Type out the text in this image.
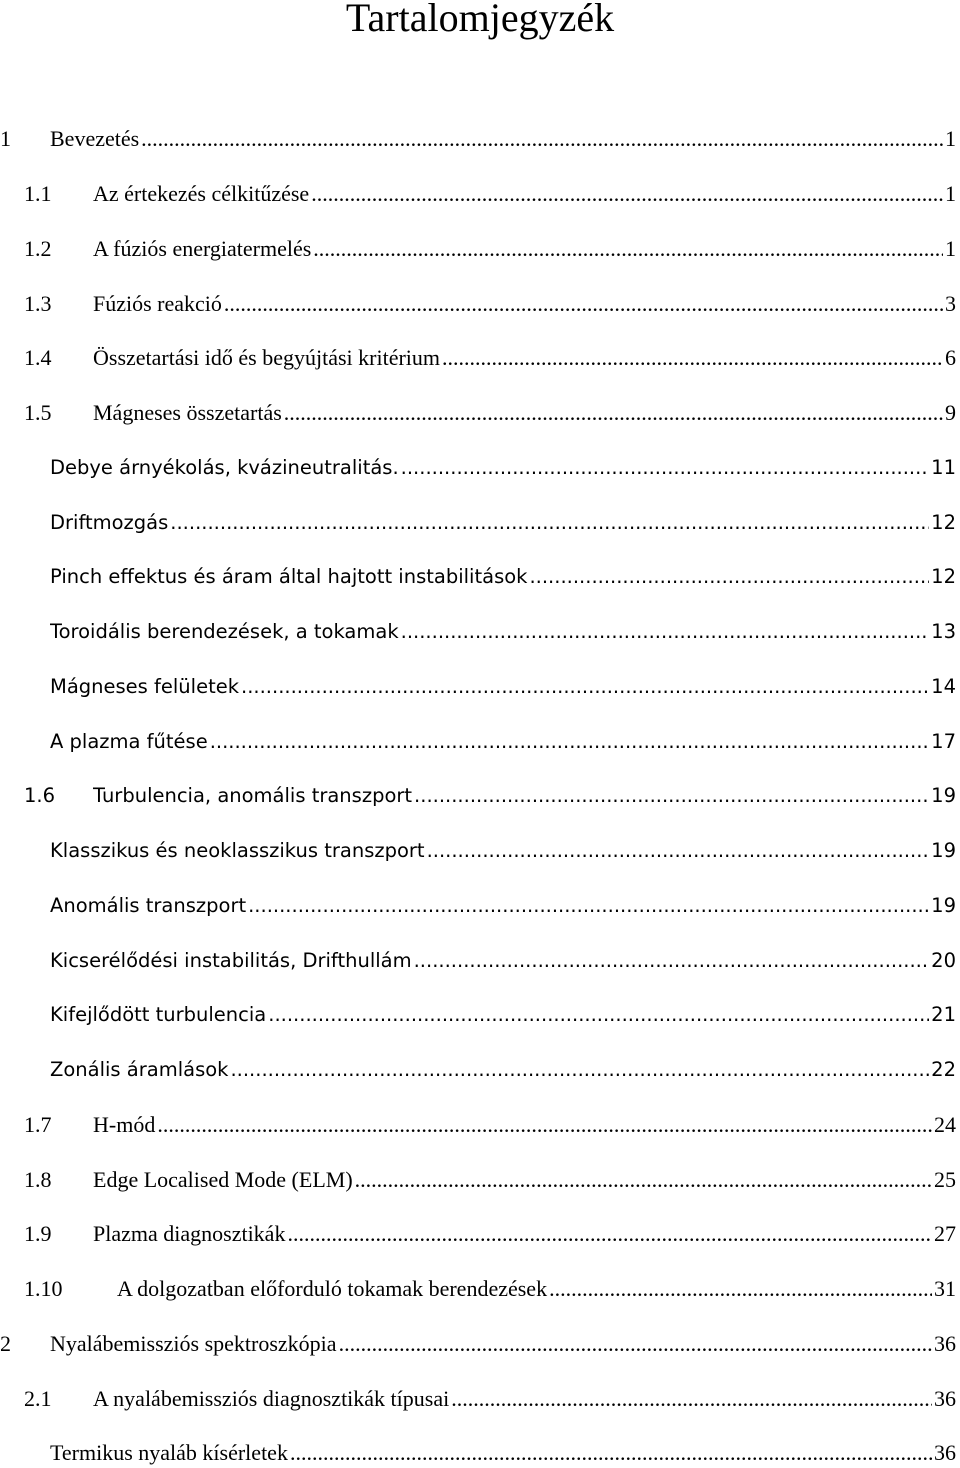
Tartalomjegyzék
1 Bevezetés .....	1
1.1 Az értekezés célkitűzése .....	1
1.2 A fúziós energiatermelés .....	1
1.3 Fúziós reakció .....	3
1.4 Összetartási idő és begyújtási kritérium .....	6
1.5 Mágneses összetartás .....	9
Debye árnyékolás, kvázineutralitás. .....	11
Driftmozgás .....	12
Pinch effektus és áram által hajtott instabilitások .....	12
Toroidális berendezések, a tokamak .....	13
Mágneses felületek .....	14
A plazma fűtése .....	17
1.6 Turbulencia, anomális transzport .....	19
Klasszikus és neoklasszikus transzport .....	19
Anomális transzport .....	19
Kicserélődési instabilitás, Drifthullám .....	20
Kifejlődött turbulencia .....	21
Zonális áramlások .....	22
1.7 H-mód .....	24
1.8 Edge Localised Mode (ELM) .....	25
1.9 Plazma diagnosztikák .....	27
1.10 A dolgozatban előforduló tokamak berendezések .....	31
2 Nyalábemissziós spektroszkópia .....	36
2.1 A nyalábemissziós diagnosztikák típusai .....	36
Termikus nyaláb kísérletek .....	36
